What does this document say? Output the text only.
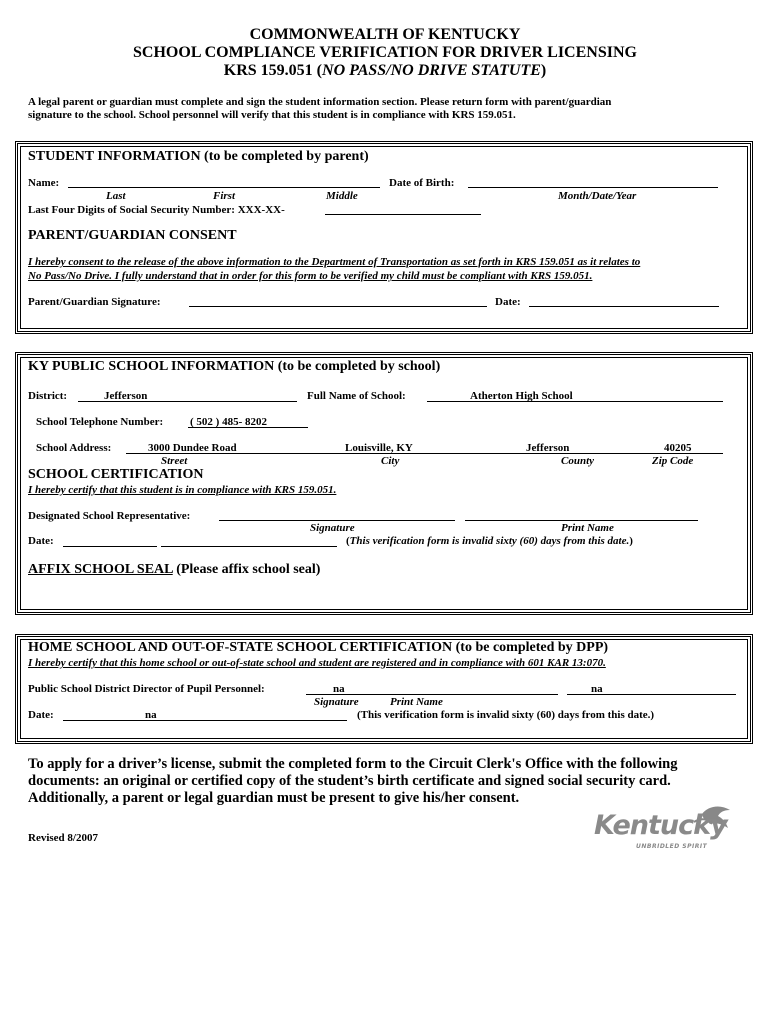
COMMONWEALTH OF KENTUCKY
SCHOOL COMPLIANCE VERIFICATION FOR DRIVER LICENSING
KRS 159.051 (NO PASS/NO DRIVE STATUTE)
A legal parent or guardian must complete and sign the student information section. Please return form with parent/guardian
signature to the school. School personnel will verify that this student is in compliance with KRS 159.051.
STUDENT INFORMATION (to be completed by parent)
Name:	Date of Birth:
Last	First	Middle	Month/Date/Year
Last Four Digits of Social Security Number: XXX-XX-
PARENT/GUARDIAN CONSENT
I hereby consent to the release of the above information to the Department of Transportation as set forth in KRS 159.051 as it relates to
No Pass/No Drive. I fully understand that in order for this form to be verified my child must be compliant with KRS 159.051.
Parent/Guardian Signature:	Date:
KY PUBLIC SCHOOL INFORMATION (to be completed by school)
District:	Jefferson	Full Name of School:	Atherton High School
School Telephone Number: ( 502 ) 485- 8202
School Address:	3000 Dundee Road	Louisville, KY	Jefferson	40205
Street	City	County	Zip Code
SCHOOL CERTIFICATION
I hereby certify that this student is in compliance with KRS 159.051.
Designated School Representative:
Signature	Print Name
Date:	(This verification form is invalid sixty (60) days from this date.)
AFFIX SCHOOL SEAL (Please affix school seal)
HOME SCHOOL AND OUT-OF-STATE SCHOOL CERTIFICATION (to be completed by DPP)
I hereby certify that this home school or out-of-state school and student are registered and in compliance with 601 KAR 13:070.
Public School District Director of Pupil Personnel:	na	na
Signature	Print Name
Date:	na	(This verification form is invalid sixty (60) days from this date.)
To apply for a driver’s license, submit the completed form to the Circuit Clerk's Office with the following
documents: an original or certified copy of the student’s birth certificate and signed social security card.
Additionally, a parent or legal guardian must be present to give his/her consent.
Revised 8/2007	Kentucky
UNBRIDLED SPIRIT
